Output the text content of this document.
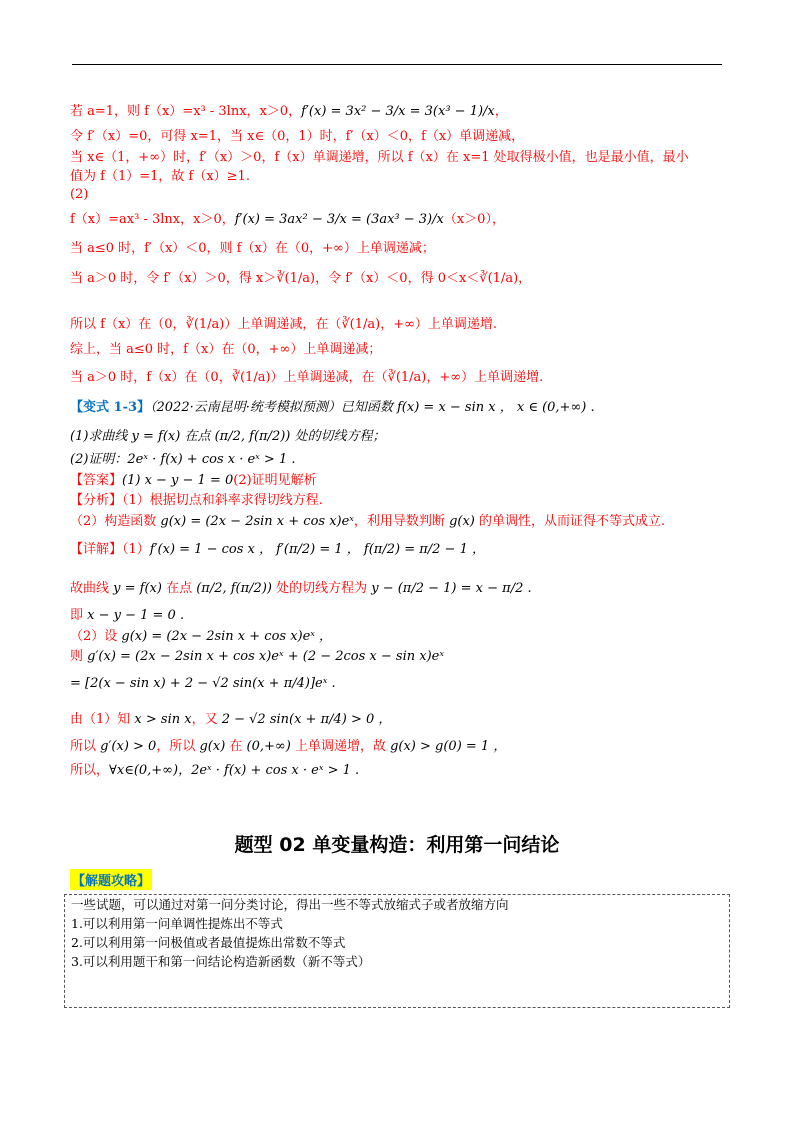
若 a=1，则 f（x）=x³ - 3lnx，x＞0，f′(x) = 3x² − 3/x = 3(x³ − 1)/x，
令 f′（x）=0，可得 x=1，当 x∈（0，1）时，f′（x）＜0，f（x）单调递减，
当 x∈（1，+∞）时，f′（x）＞0，f（x）单调递增，所以 f（x）在 x=1 处取得极小值，也是最小值，最小
值为 f（1）=1，故 f（x）≥1.
(2)
f（x）=ax³ - 3lnx，x＞0，f′(x) = 3ax² − 3/x = (3ax³ − 3)/x（x＞0），
当 a≤0 时，f′（x）＜0，则 f（x）在（0，+∞）上单调递减；
当 a＞0 时，令 f′（x）＞0，得 x＞∛(1/a)，令 f′（x）＜0，得 0＜x＜∛(1/a)，
所以 f（x）在（0，∛(1/a)）上单调递减，在（∛(1/a)，+∞）上单调递增.
综上，当 a≤0 时，f（x）在（0，+∞）上单调递减；
当 a＞0 时，f（x）在（0，∛(1/a)）上单调递减，在（∛(1/a)，+∞）上单调递增.
【变式 1-3】（2022·云南昆明·统考模拟预测）已知函数 f(x) = x − sin x ， x ∈ (0,+∞) .
(1)求曲线 y = f(x) 在点 (π/2, f(π/2)) 处的切线方程；
(2)证明：2eˣ · f(x) + cos x · eˣ > 1 .
【答案】(1) x − y − 1 = 0(2)证明见解析
【分析】（1）根据切点和斜率求得切线方程.
（2）构造函数 g(x) = (2x − 2sin x + cos x)eˣ，利用导数判断 g(x) 的单调性，从而证得不等式成立.
【详解】（1）f′(x) = 1 − cos x ， f′(π/2) = 1 ， f(π/2) = π/2 − 1 ，
故曲线 y = f(x) 在点 (π/2, f(π/2)) 处的切线方程为 y − (π/2 − 1) = x − π/2 .
即 x − y − 1 = 0 .
（2）设 g(x) = (2x − 2sin x + cos x)eˣ ，
则 g′(x) = (2x − 2sin x + cos x)eˣ + (2 − 2cos x − sin x)eˣ
= [2(x − sin x) + 2 − √2 sin(x + π/4)]eˣ .
由（1）知 x > sin x，又 2 − √2 sin(x + π/4) > 0 ，
所以 g′(x) > 0，所以 g(x) 在 (0,+∞) 上单调递增，故 g(x) > g(0) = 1 ，
所以，∀x∈(0,+∞)，2eˣ · f(x) + cos x · eˣ > 1 .
题型 02 单变量构造：利用第一问结论
【解题攻略】
一些试题，可以通过对第一问分类讨论，得出一些不等式放缩式子或者放缩方向
1.可以利用第一问单调性提炼出不等式
2.可以利用第一问极值或者最值提炼出常数不等式
3.可以利用题干和第一问结论构造新函数（新不等式）
